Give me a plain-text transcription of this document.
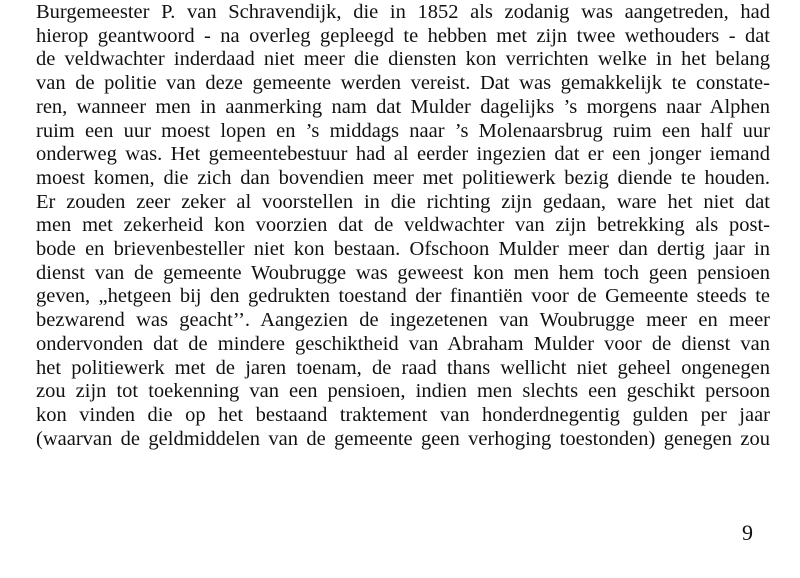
Burgemeester P. van Schravendijk, die in 1852 als zodanig was aangetreden, had
hierop geantwoord - na overleg gepleegd te hebben met zijn twee wethouders - dat
de veldwachter inderdaad niet meer die diensten kon verrichten welke in het belang
van de politie van deze gemeente werden vereist. Dat was gemakkelijk te constate-
ren, wanneer men in aanmerking nam dat Mulder dagelijks ’s morgens naar Alphen
ruim een uur moest lopen en ’s middags naar ’s Molenaarsbrug ruim een half uur
onderweg was. Het gemeentebestuur had al eerder ingezien dat er een jonger iemand
moest komen, die zich dan bovendien meer met politiewerk bezig diende te houden.
Er zouden zeer zeker al voorstellen in die richting zijn gedaan, ware het niet dat
men met zekerheid kon voorzien dat de veldwachter van zijn betrekking als post-
bode en brievenbesteller niet kon bestaan. Ofschoon Mulder meer dan dertig jaar in
dienst van de gemeente Woubrugge was geweest kon men hem toch geen pensioen
geven, „hetgeen bij den gedrukten toestand der finantiën voor de Gemeente steeds te
bezwarend was geacht’’. Aangezien de ingezetenen van Woubrugge meer en meer
ondervonden dat de mindere geschiktheid van Abraham Mulder voor de dienst van
het politiewerk met de jaren toenam, de raad thans wellicht niet geheel ongenegen
zou zijn tot toekenning van een pensioen, indien men slechts een geschikt persoon
kon vinden die op het bestaand traktement van honderdnegentig gulden per jaar
(waarvan de geldmiddelen van de gemeente geen verhoging toestonden) genegen zou
9
